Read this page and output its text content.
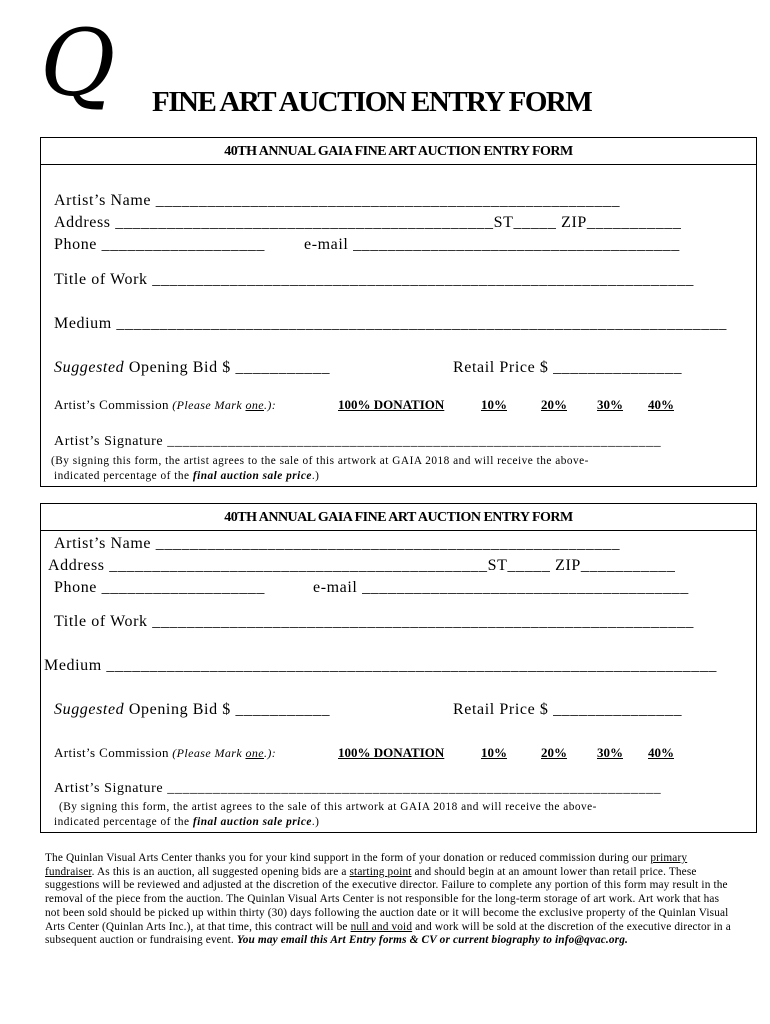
Q FINE ART AUCTION ENTRY FORM
40TH ANNUAL GAIA FINE ART AUCTION ENTRY FORM
Artist’s Name ______________________________________________________
Address ____________________________________________ST_____ ZIP___________
Phone ___________________ e-mail ______________________________________
Title of Work _______________________________________________________________
Medium _______________________________________________________________________
Suggested Opening Bid $ ___________	Retail Price $ _______________
Artist’s Commission (Please Mark one.):	100% DONATION	10%	20% 30% 40%
Artist’s Signature _________________________________________________________________
(By signing this form, the artist agrees to the sale of this artwork at GAIA 2018 and will receive the above-
indicated percentage of the final auction sale price.)
40TH ANNUAL GAIA FINE ART AUCTION ENTRY FORM
Artist’s Name ______________________________________________________
Address ____________________________________________ST_____ ZIP___________
Phone ___________________	e-mail ______________________________________
Title of Work _______________________________________________________________
Medium _______________________________________________________________________
Suggested Opening Bid $ ___________	Retail Price $ _______________
Artist’s Commission (Please Mark one.):	100% DONATION	10%	20% 30% 40%
Artist’s Signature _________________________________________________________________
(By signing this form, the artist agrees to the sale of this artwork at GAIA 2018 and will receive the above-
indicated percentage of the final auction sale price.)
The Quinlan Visual Arts Center thanks you for your kind support in the form of your donation or reduced commission during our primary fundraiser. As this is an auction, all suggested opening bids are a starting point and should begin at an amount lower than retail price. These suggestions will be reviewed and adjusted at the discretion of the executive director. Failure to complete any portion of this form may result in the removal of the piece from the auction. The Quinlan Visual Arts Center is not responsible for the long-term storage of art work. Art work that has not been sold should be picked up within thirty (30) days following the auction date or it will become the exclusive property of the Quinlan Visual Arts Center (Quinlan Arts Inc.), at that time, this contract will be null and void and work will be sold at the discretion of the executive director in a subsequent auction or fundraising event. You may email this Art Entry forms & CV or current biography to info@qvac.org.
